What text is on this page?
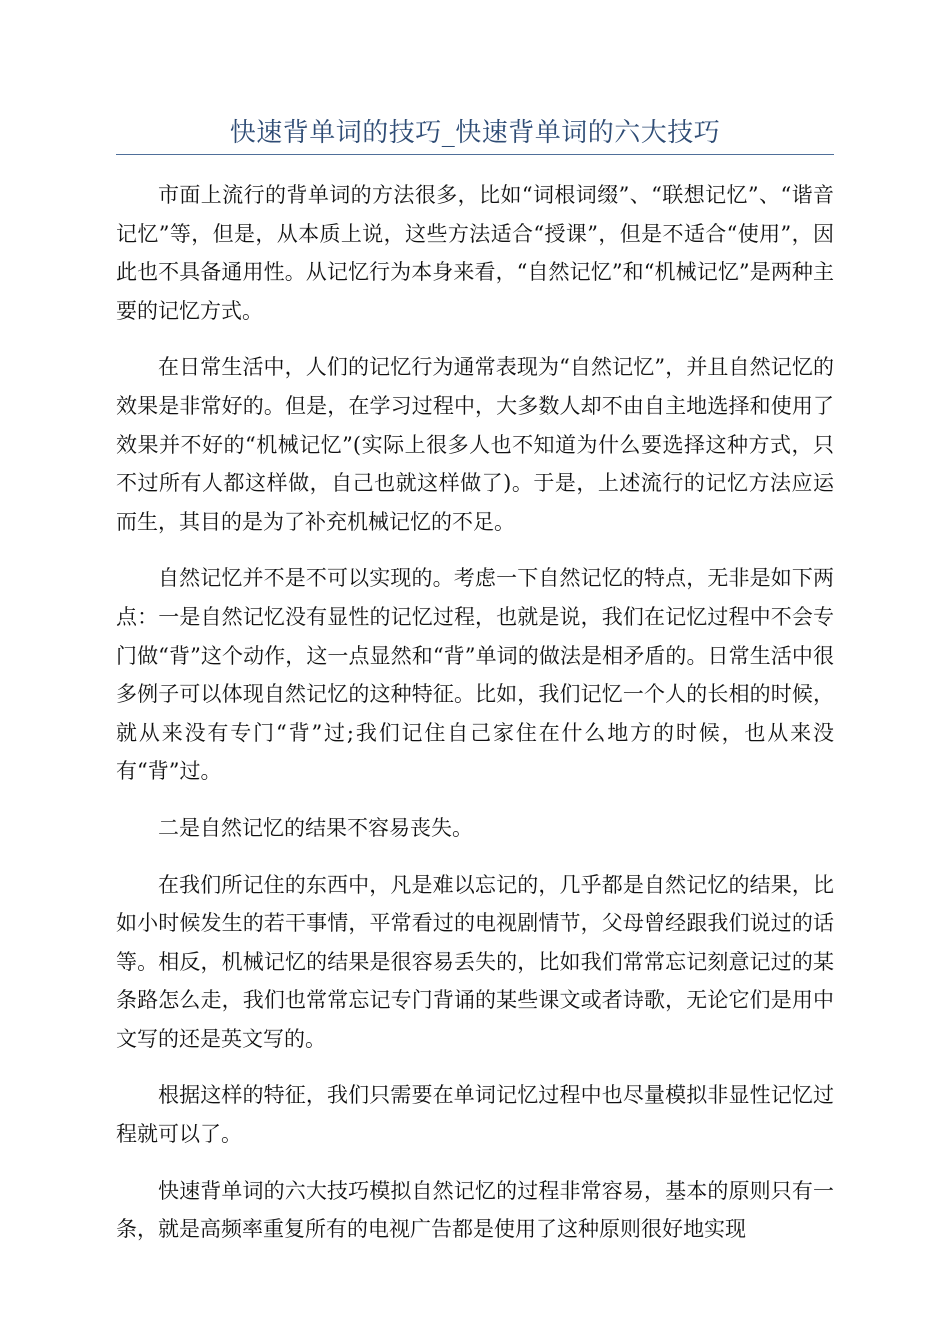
快速背单词的技巧_快速背单词的六大技巧

市面上流行的背单词的方法很多，比如“词根词缀”、“联想记忆”、“谐音记忆”等，但是，从本质上说，这些方法适合“授课”，但是不适合“使用”，因此也不具备通用性。从记忆行为本身来看，“自然记忆”和“机械记忆”是两种主要的记忆方式。

在日常生活中，人们的记忆行为通常表现为“自然记忆”，并且自然记忆的效果是非常好的。但是，在学习过程中，大多数人却不由自主地选择和使用了效果并不好的“机械记忆”(实际上很多人也不知道为什么要选择这种方式，只不过所有人都这样做，自己也就这样做了)。于是，上述流行的记忆方法应运而生，其目的是为了补充机械记忆的不足。

自然记忆并不是不可以实现的。考虑一下自然记忆的特点，无非是如下两点：一是自然记忆没有显性的记忆过程，也就是说，我们在记忆过程中不会专门做“背”这个动作，这一点显然和“背”单词的做法是相矛盾的。日常生活中很多例子可以体现自然记忆的这种特征。比如，我们记忆一个人的长相的时候，就从来没有专门“背”过;我们记住自己家住在什么地方的时候，也从来没有“背”过。

二是自然记忆的结果不容易丧失。

在我们所记住的东西中，凡是难以忘记的，几乎都是自然记忆的结果，比如小时候发生的若干事情，平常看过的电视剧情节，父母曾经跟我们说过的话等。相反，机械记忆的结果是很容易丢失的，比如我们常常忘记刻意记过的某条路怎么走，我们也常常忘记专门背诵的某些课文或者诗歌，无论它们是用中文写的还是英文写的。

根据这样的特征，我们只需要在单词记忆过程中也尽量模拟非显性记忆过程就可以了。

快速背单词的六大技巧模拟自然记忆的过程非常容易，基本的原则只有一条，就是高频率重复所有的电视广告都是使用了这种原则很好地实现
